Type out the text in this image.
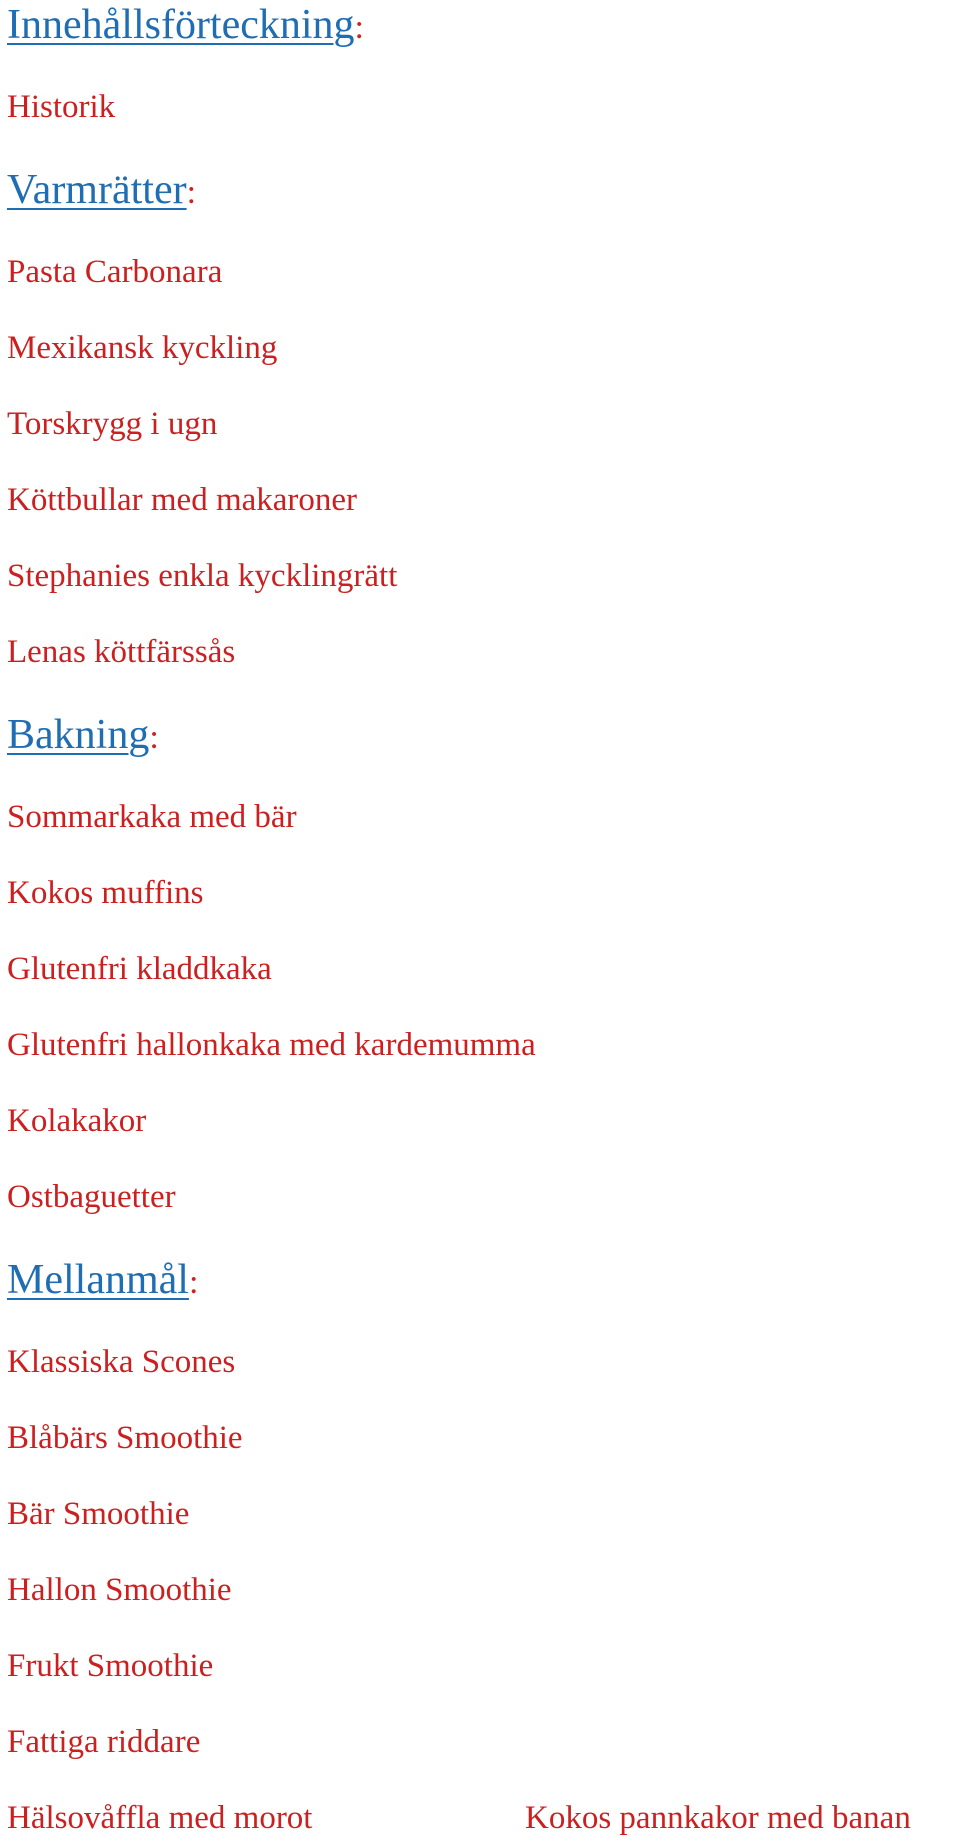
Innehållsförteckning:
Historik
Varmrätter:
Pasta Carbonara
Mexikansk kyckling
Torskrygg i ugn
Köttbullar med makaroner
Stephanies enkla kycklingrätt
Lenas köttfärssås
Bakning:
Sommarkaka med bär
Kokos muffins
Glutenfri kladdkaka
Glutenfri hallonkaka med kardemumma
Kolakakor
Ostbaguetter
Mellanmål:
Klassiska Scones
Blåbärs Smoothie
Bär Smoothie
Hallon Smoothie
Frukt Smoothie
Fattiga riddare
Hälsovåffla med morot	Kokos pannkakor med banan
